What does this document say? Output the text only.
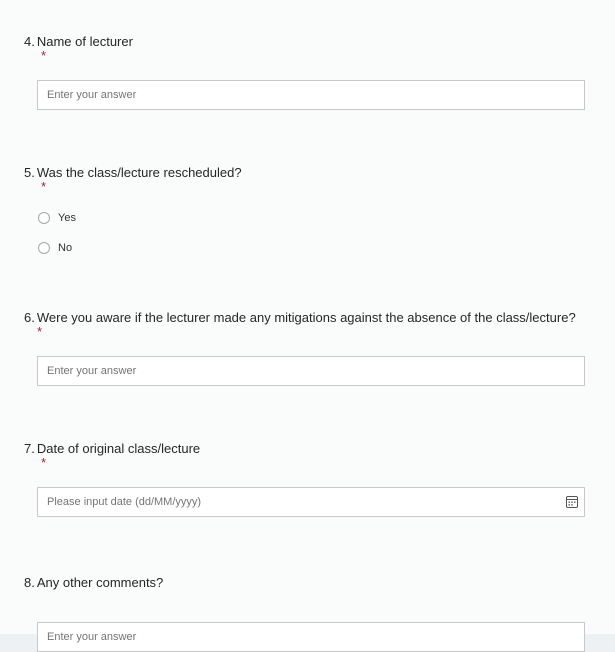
4. Name of lecturer
*
Enter your answer
5. Was the class/lecture rescheduled?
*
Yes
No
6. Were you aware if the lecturer made any mitigations against the absence of the class/lecture?
*
Enter your answer
7. Date of original class/lecture
*
Please input date (dd/MM/yyyy)
8. Any other comments?
Enter your answer
